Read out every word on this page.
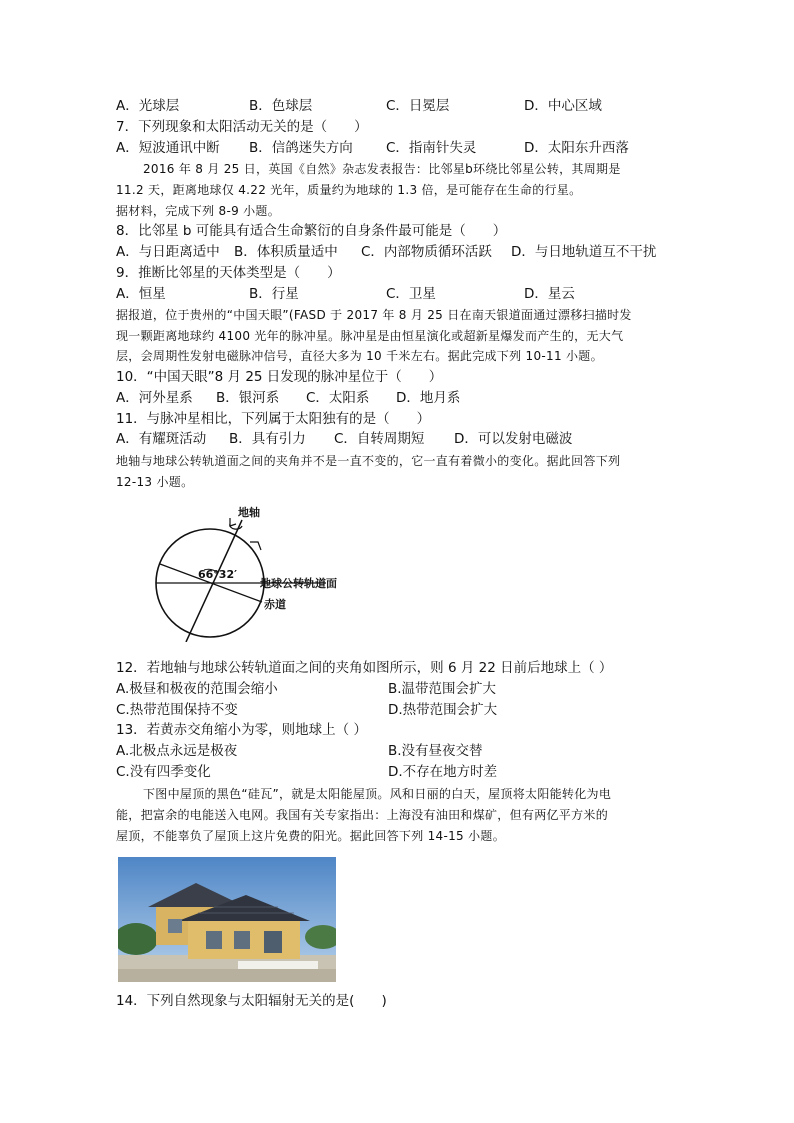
A．光球层	B．色球层	C．日冕层	D．中心区域
7．下列现象和太阳活动无关的是（　　）
A．短波通讯中断 B．信鸽迷失方向 C．指南针失灵	D．太阳东升西落
2016 年 8 月 25 日，英国《自然》杂志发表报告：比邻星b环绕比邻星公转，其周期是
11.2 天，距离地球仅 4.22 光年，质量约为地球的 1.3 倍，是可能存在生命的行星。
据材料，完成下列 8-9 小题。
8．比邻星 b 可能具有适合生命繁衍的自身条件最可能是（　　）
A．与日距离适中 B．体积质量适中 C．内部物质循环活跃 D．与日地轨道互不干扰
9．推断比邻星的天体类型是（　　）
A．恒星	B．行星	C．卫星	D．星云
据报道，位于贵州的“中国天眼”(FASD 于 2017 年 8 月 25 日在南天银道面通过漂移扫描时发
现一颗距离地球约 4100 光年的脉冲星。脉冲星是由恒星演化或超新星爆发而产生的，无大气
层，会周期性发射电磁脉冲信号，直径大多为 10 千米左右。据此完成下列 10-11 小题。
10．“中国天眼”8 月 25 日发现的脉冲星位于（　　）
A．河外星系 B．银河系 C．太阳系 D．地月系
11．与脉冲星相比，下列属于太阳独有的是（　　）
A．有耀斑活动 B．具有引力 C．自转周期短 D．可以发射电磁波
地轴与地球公转轨道面之间的夹角并不是一直不变的，它一直有着微小的变化。据此回答下列
12-13 小题。
地轴
66°32′
地球公转轨道面
赤道
12．若地轴与地球公转轨道面之间的夹角如图所示，则 6 月 22 日前后地球上（ ）
A.极昼和极夜的范围会缩小	B.温带范围会扩大
C.热带范围保持不变	D.热带范围会扩大
13．若黄赤交角缩小为零，则地球上（ ）
A.北极点永远是极夜	B.没有昼夜交替
C.没有四季变化	D.不存在地方时差
下图中屋顶的黑色“硅瓦”，就是太阳能屋顶。风和日丽的白天，屋顶将太阳能转化为电
能，把富余的电能送入电网。我国有关专家指出：上海没有油田和煤矿，但有两亿平方米的
屋顶，不能辜负了屋顶上这片免费的阳光。据此回答下列 14-15 小题。
14．下列自然现象与太阳辐射无关的是(　　)
